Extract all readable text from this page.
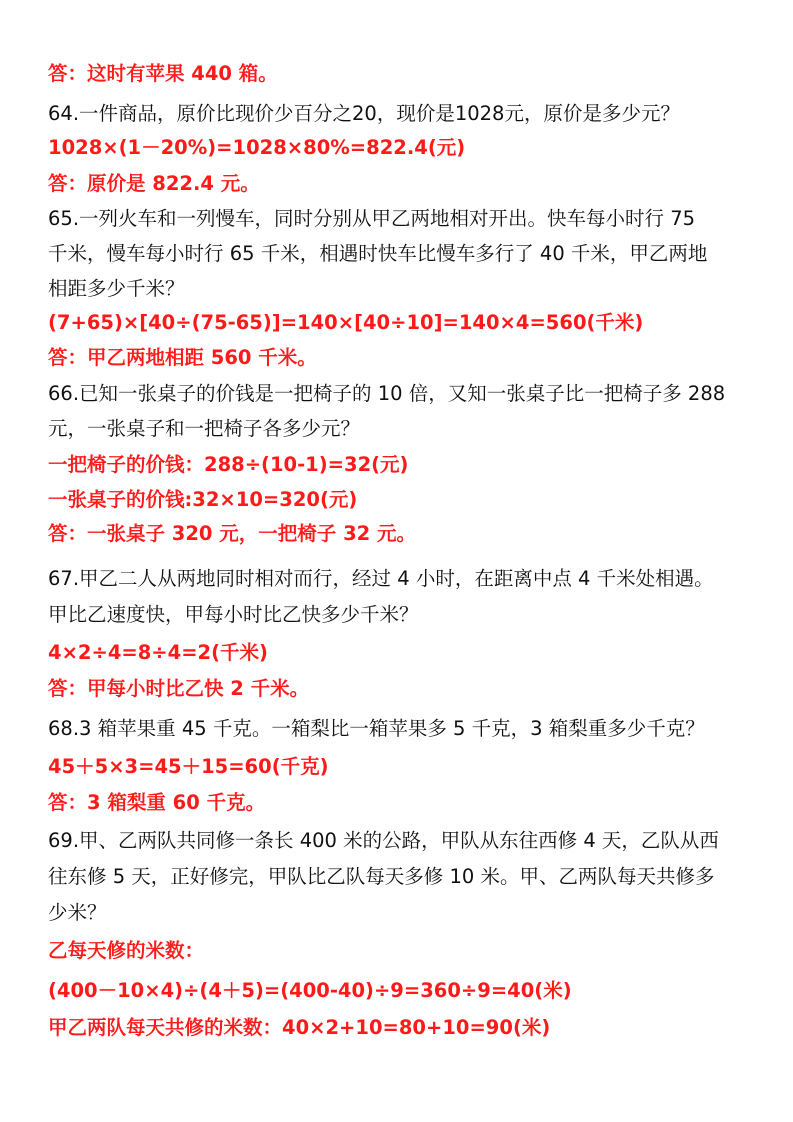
答：这时有苹果 440 箱。
64.一件商品，原价比现价少百分之20，现价是1028元，原价是多少元？
1028×(1－20%)=1028×80%=822.4(元)
答：原价是 822.4 元。
65.一列火车和一列慢车，同时分别从甲乙两地相对开出。快车每小时行 75
千米，慢车每小时行 65 千米，相遇时快车比慢车多行了 40 千米，甲乙两地
相距多少千米？
(7+65)×[40÷(75-65)]=140×[40÷10]=140×4=560(千米)
答：甲乙两地相距 560 千米。
66.已知一张桌子的价钱是一把椅子的 10 倍，又知一张桌子比一把椅子多 288
元，一张桌子和一把椅子各多少元？
一把椅子的价钱：288÷(10-1)=32(元)
一张桌子的价钱:32×10=320(元)
答：一张桌子 320 元，一把椅子 32 元。
67.甲乙二人从两地同时相对而行，经过 4 小时，在距离中点 4 千米处相遇。
甲比乙速度快，甲每小时比乙快多少千米？
4×2÷4=8÷4=2(千米)
答：甲每小时比乙快 2 千米。
68.3 箱苹果重 45 千克。一箱梨比一箱苹果多 5 千克，3 箱梨重多少千克？
45＋5×3=45＋15=60(千克)
答：3 箱梨重 60 千克。
69.甲、乙两队共同修一条长 400 米的公路，甲队从东往西修 4 天，乙队从西
往东修 5 天，正好修完，甲队比乙队每天多修 10 米。甲、乙两队每天共修多
少米？
乙每天修的米数：
(400－10×4)÷(4＋5)=(400-40)÷9=360÷9=40(米)
甲乙两队每天共修的米数：40×2+10=80+10=90(米)
